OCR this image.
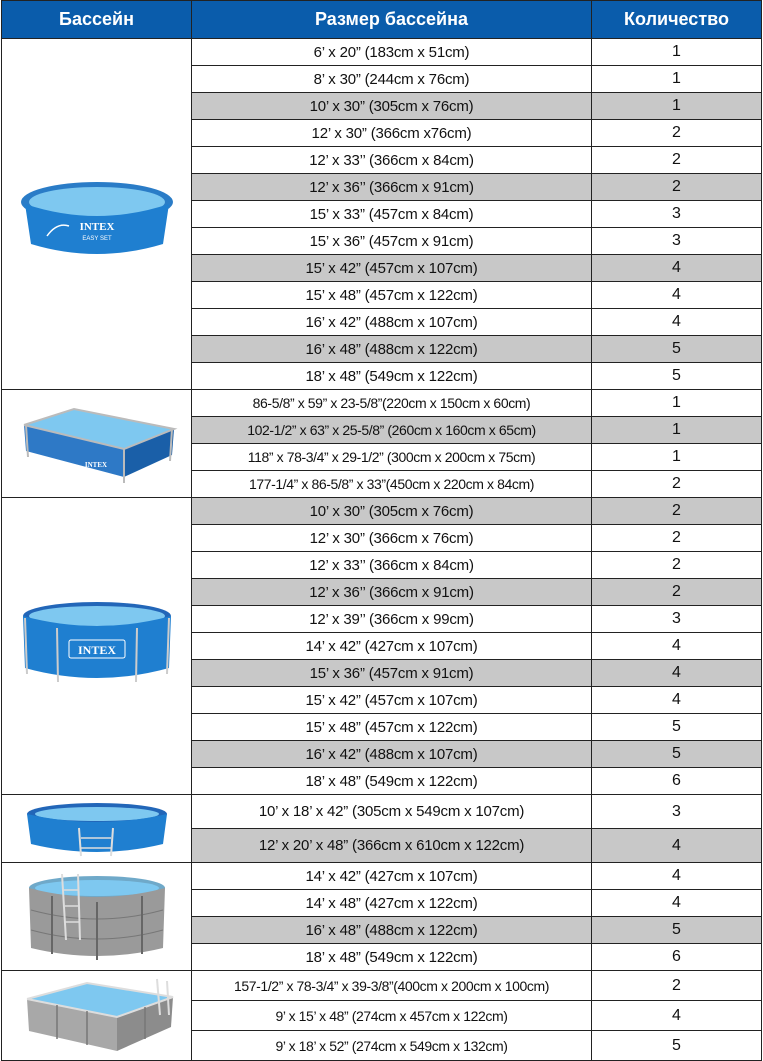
Бассейн	Размер бассейна	Количество

INTEX
EASY SET	6’ x 20” (183cm x 51cm)	1
	8’ x 30” (244cm x 76cm)	1
	10’ x 30” (305cm x 76cm)	1
	12’ x 30” (366cm x76cm)	2
	12’ x 33’’ (366cm x 84cm)	2
	12’ x 36’’ (366cm x 91cm)	2
	15’ x 33” (457cm x 84cm)	3
	15’ x 36” (457cm x 91cm)	3
	15’ x 42” (457cm x 107cm)	4
	15’ x 48” (457cm x 122cm)	4
	16’ x 42” (488cm x 107cm)	4
	16’ x 48” (488cm x 122cm)	5
	18’ x 48” (549cm x 122cm)	5

INTEX	86-5/8” x 59” x 23-5/8”(220cm x 150cm x 60cm)	1
	102-1/2” x 63” x 25-5/8” (260cm x 160cm x 65cm)	1
	118” x 78-3/4” x 29-1/2” (300cm x 200cm x 75cm)	1
	177-1/4” x 86-5/8” x 33”(450cm x 220cm x 84cm)	2

INTEX	10’ x 30” (305cm x 76cm)	2
	12’ x 30” (366cm x 76cm)	2
	12’ x 33’’ (366cm x 84cm)	2
	12’ x 36’’ (366cm x 91cm)	2
	12’ x 39’’ (366cm x 99cm)	3
	14’ x 42” (427cm x 107cm)	4
	15’ x 36” (457cm x 91cm)	4
	15’ x 42” (457cm x 107cm)	4
	15’ x 48” (457cm x 122cm)	5
	16’ x 42” (488cm x 107cm)	5
	18’ x 48” (549cm x 122cm)	6

	10’ x 18’ x 42” (305cm x 549cm x 107cm)	3
	12’ x 20’ x 48” (366cm x 610cm x 122cm)	4

	14’ x 42” (427cm x 107cm)	4
	14’ x 48” (427cm x 122cm)	4
	16’ x 48” (488cm x 122cm)	5
	18’ x 48” (549cm x 122cm)	6

	157-1/2” x 78-3/4” x 39-3/8”(400cm x 200cm x 100cm)	2
	9’ x 15’ x 48” (274cm x 457cm x 122cm)	4
	9’ x 18’ x 52” (274cm x 549cm x 132cm)	5
